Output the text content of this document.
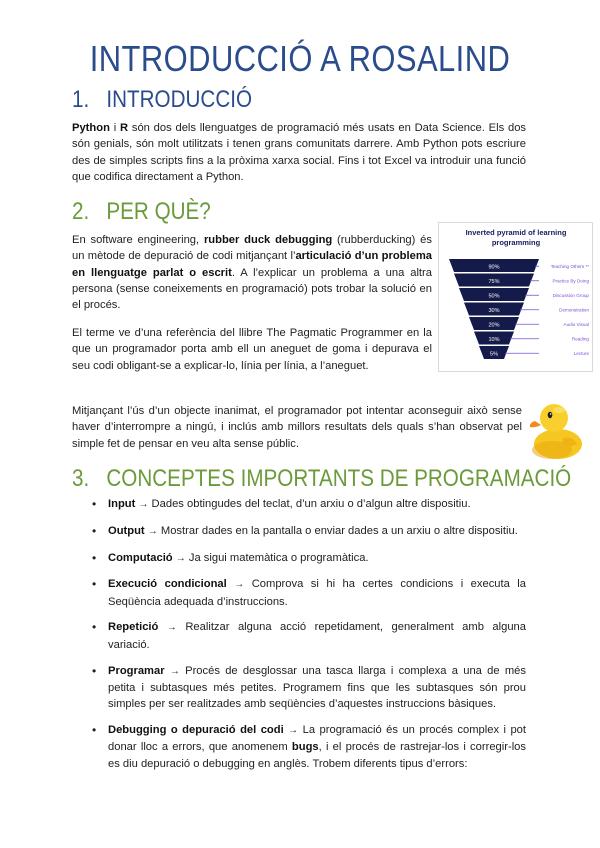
INTRODUCCIÓ A ROSALIND
1. INTRODUCCIÓ
Python i R són dos dels llenguatges de programació més usats en Data Science. Els dos són genials, són molt utilitzats i tenen grans comunitats darrere. Amb Python pots escriure des de simples scripts fins a la pròxima xarxa social. Fins i tot Excel va introduir una funció que codifica directament a Python.
2. PER QUÈ?
En software engineering, rubber duck debugging (rubberducking) és un mètode de depuració de codi mitjançant l’articulació d’un problema en llenguatge parlat o escrit. A l’explicar un problema a una altra persona (sense coneixements en programació) pots trobar la solució en el procés.
El terme ve d’una referència del llibre The Pagmatic Programmer en la que un programador porta amb ell un aneguet de goma i depurava el seu codi obligant-se a explicar-lo, línia per línia, a l’aneguet.
Mitjançant l’ús d’un objecte inanimat, el programador pot intentar aconseguir això sense haver d’interrompre a ningú, i inclús amb millors resultats dels quals s’han observat pel simple fet de pensar en veu alta sense públic.
Inverted pyramid of learning
programming
90%	Teaching Others **
75%	Practice By Doing
50%	Discussion Group
30%	Demonstration
20%	Audio Visual
10%	Reading
5%	Lecture
3. CONCEPTES IMPORTANTS DE PROGRAMACIÓ
• Input → Dades obtingudes del teclat, d’un arxiu o d’algun altre dispositiu.
• Output → Mostrar dades en la pantalla o enviar dades a un arxiu o altre dispositiu.
• Computació → Ja sigui matemàtica o programàtica.
• Execució condicional → Comprova si hi ha certes condicions i executa la Seqüència adequada d’instruccions.
• Repetició → Realitzar alguna acció repetidament, generalment amb alguna variació.
• Programar → Procés de desglossar una tasca llarga i complexa a una de més petita i subtasques més petites. Programem fins que les subtasques són prou simples per ser realitzades amb seqüències d’aquestes instruccions bàsiques.
• Debugging o depuració del codi → La programació és un procés complex i pot donar lloc a errors, que anomenem bugs, i el procés de rastrejar-los i corregir-los es diu depuració o debugging en anglès. Trobem diferents tipus d’errors:
